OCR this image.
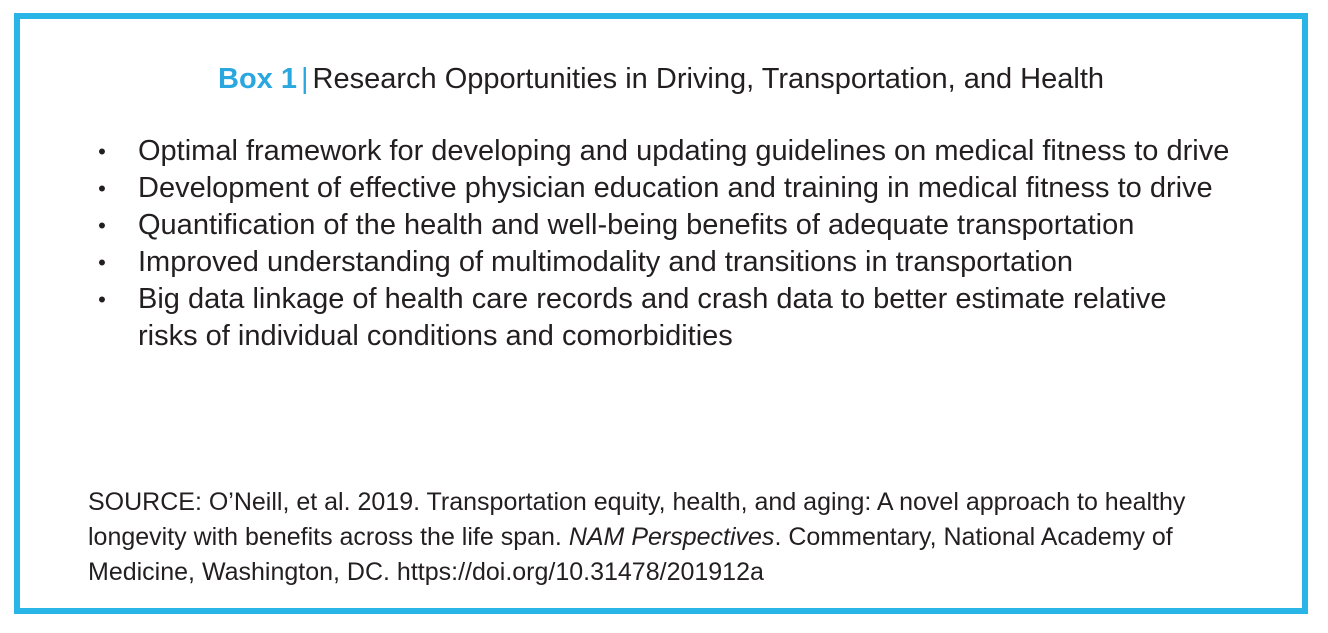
Box 1 | Research Opportunities in Driving, Transportation, and Health
• Optimal framework for developing and updating guidelines on medical fitness to drive
• Development of effective physician education and training in medical fitness to drive
• Quantification of the health and well-being benefits of adequate transportation
• Improved understanding of multimodality and transitions in transportation
• Big data linkage of health care records and crash data to better estimate relative risks of individual conditions and comorbidities

SOURCE: O’Neill, et al. 2019. Transportation equity, health, and aging: A novel approach to healthy longevity with benefits across the life span. NAM Perspectives. Commentary, National Academy of Medicine, Washington, DC. https://doi.org/10.31478/201912a
